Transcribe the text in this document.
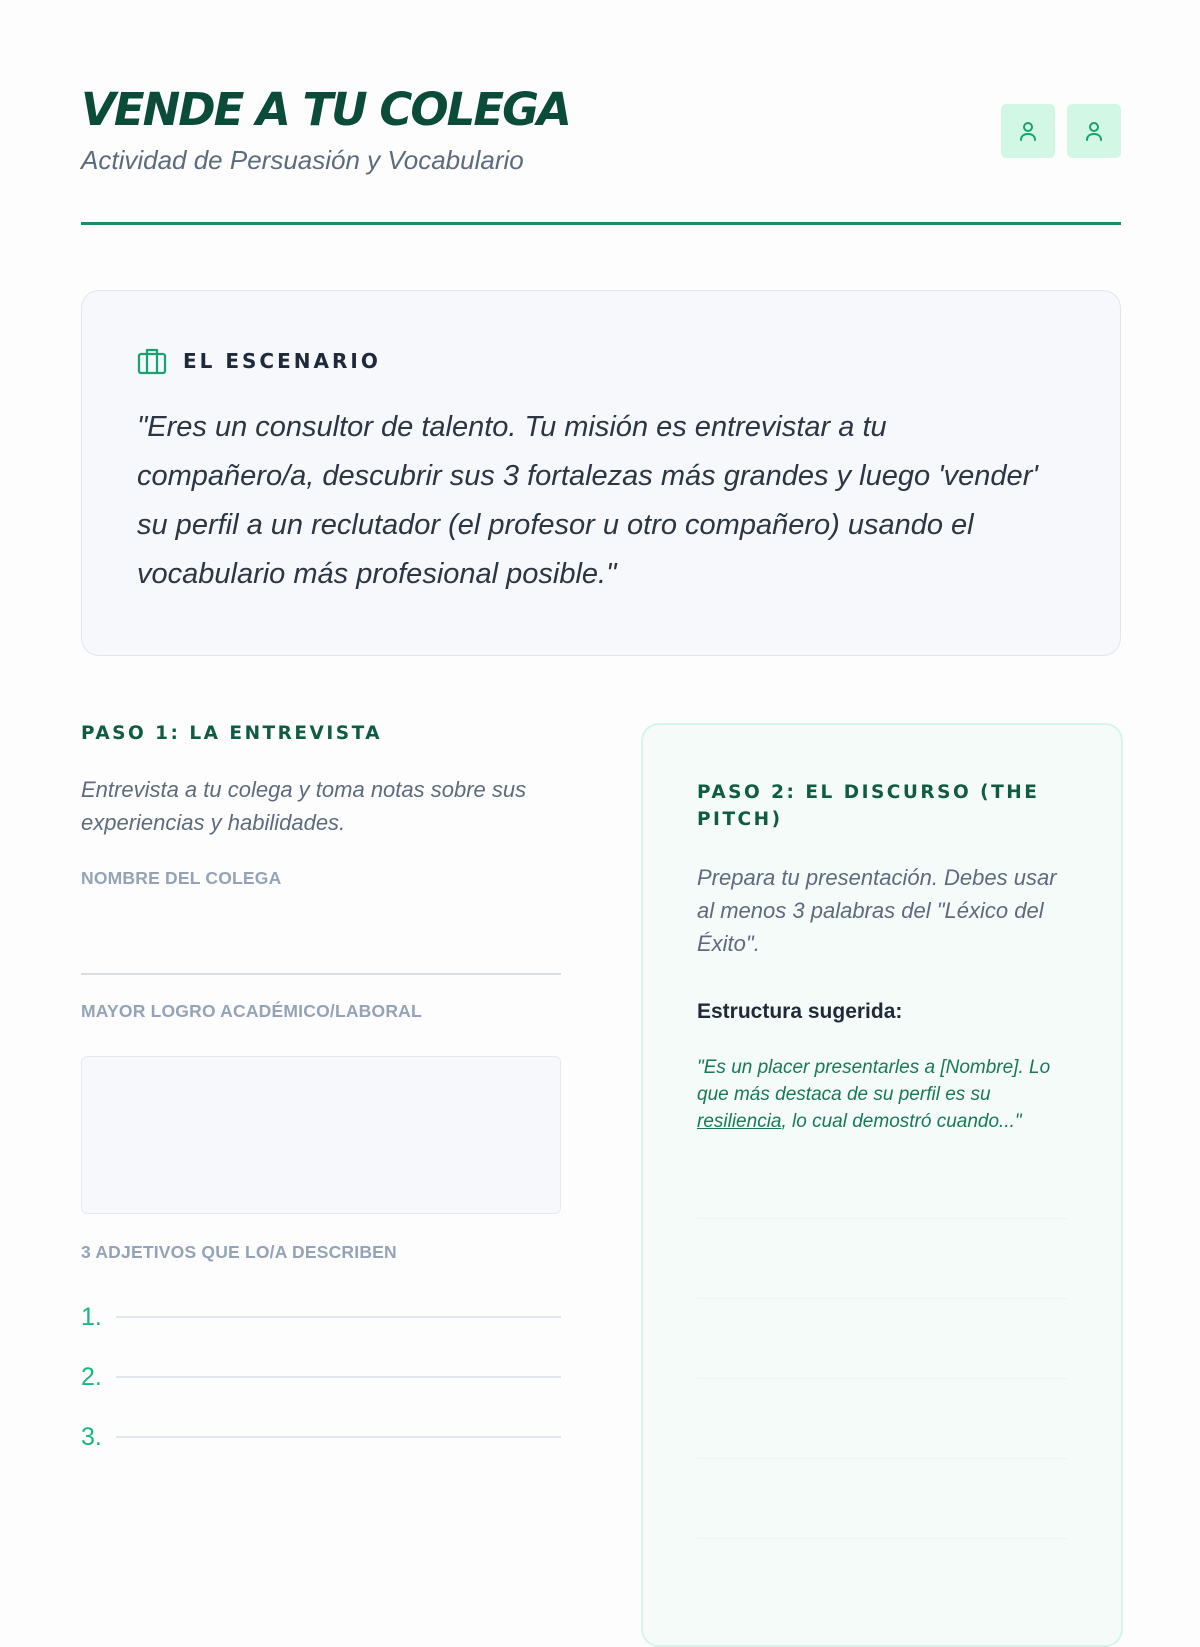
VENDE A TU COLEGA
Actividad de Persuasión y Vocabulario
EL ESCENARIO
"Eres un consultor de talento. Tu misión es entrevistar a tu compañero/a, descubrir sus 3 fortalezas más grandes y luego 'vender' su perfil a un reclutador (el profesor u otro compañero) usando el vocabulario más profesional posible."
PASO 1: LA ENTREVISTA
Entrevista a tu colega y toma notas sobre sus experiencias y habilidades.
NOMBRE DEL COLEGA
MAYOR LOGRO ACADÉMICO/LABORAL
3 ADJETIVOS QUE LO/A DESCRIBEN
1.
2.
3.
PASO 2: EL DISCURSO (THE PITCH)
Prepara tu presentación. Debes usar al menos 3 palabras del "Léxico del Éxito".
Estructura sugerida:
"Es un placer presentarles a [Nombre]. Lo que más destaca de su perfil es su resiliencia, lo cual demostró cuando..."
